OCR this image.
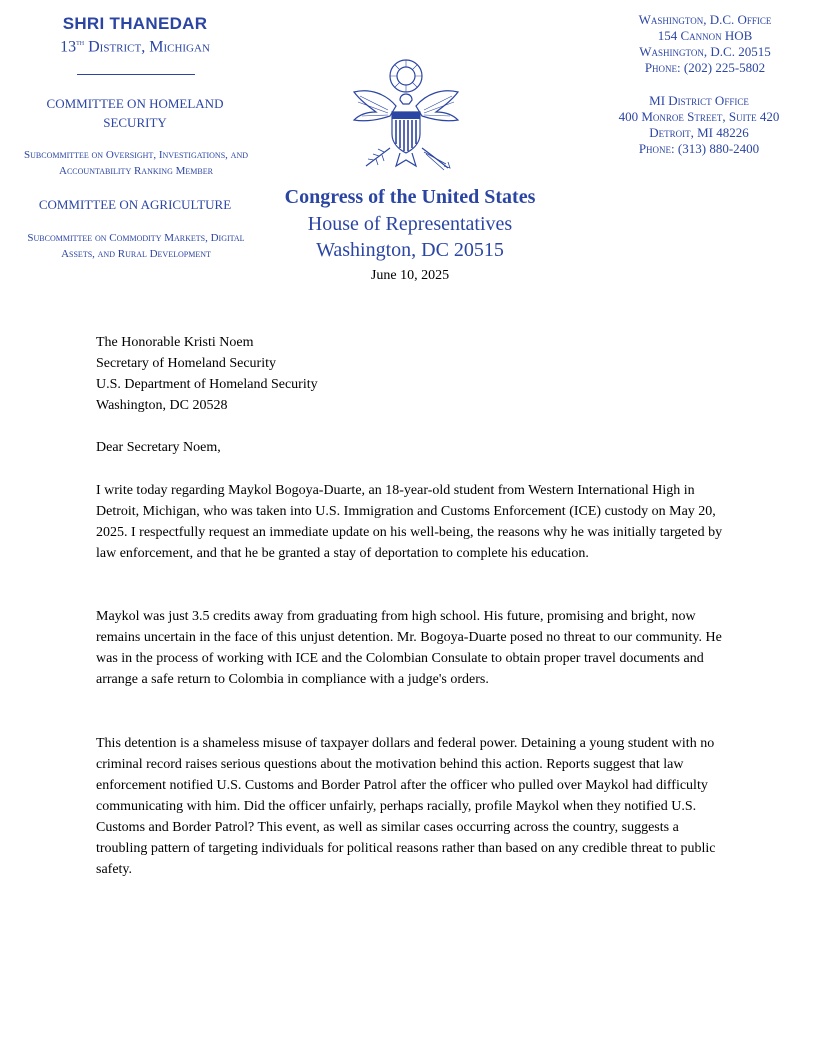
SHRI THANEDAR
13th District, Michigan
COMMITTEE ON HOMELAND SECURITY
Subcommittee on Oversight, Investigations, and Accountability Ranking Member
COMMITTEE ON AGRICULTURE
Subcommittee on Commodity Markets, Digital Assets, and Rural Development
Washington, D.C. Office
154 Cannon HOB
Washington, D.C. 20515
Phone: (202) 225-5802
MI District Office
400 Monroe Street, Suite 420
Detroit, MI 48226
Phone: (313) 880-2400
Congress of the United States
House of Representatives
Washington, DC 20515
June 10, 2025

The Honorable Kristi Noem

Secretary of Homeland Security

U.S. Department of Homeland Security

Washington, DC 20528

Dear Secretary Noem,
I write today regarding Maykol Bogoya-Duarte, an 18-year-old student from Western International High in Detroit, Michigan, who was taken into U.S. Immigration and Customs Enforcement (ICE) custody on May 20, 2025. I respectfully request an immediate update on his well-being, the reasons why he was initially targeted by law enforcement, and that he be granted a stay of deportation to complete his education.
Maykol was just 3.5 credits away from graduating from high school. His future, promising and bright, now remains uncertain in the face of this unjust detention. Mr. Bogoya-Duarte posed no threat to our community. He was in the process of working with ICE and the Colombian Consulate to obtain proper travel documents and arrange a safe return to Colombia in compliance with a judge's orders.
This detention is a shameless misuse of taxpayer dollars and federal power. Detaining a young student with no criminal record raises serious questions about the motivation behind this action. Reports suggest that law enforcement notified U.S. Customs and Border Patrol after the officer who pulled over Maykol had difficulty communicating with him. Did the officer unfairly, perhaps racially, profile Maykol when they notified U.S. Customs and Border Patrol? This event, as well as similar cases occurring across the country, suggests a troubling pattern of targeting individuals for political reasons rather than based on any credible threat to public safety.
